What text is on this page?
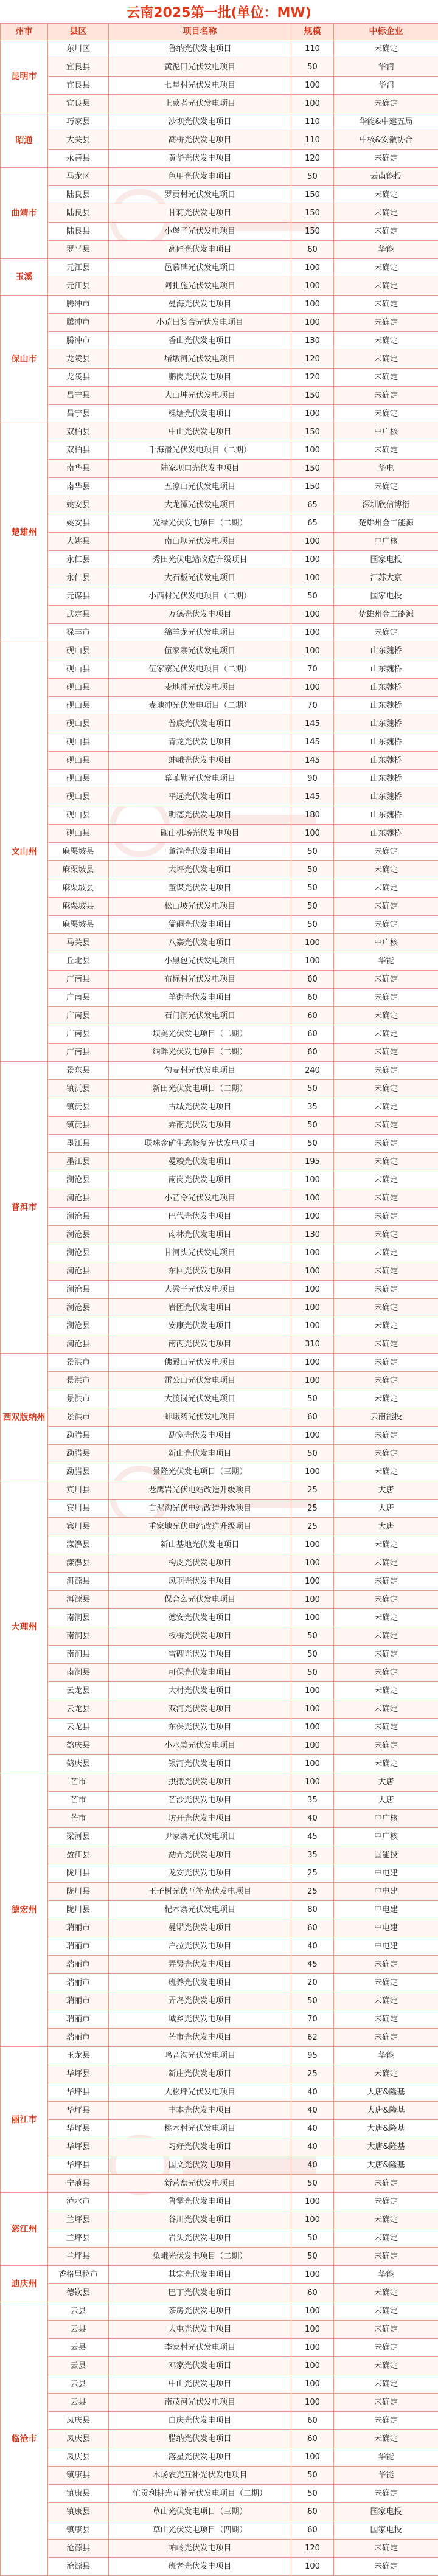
云南2025第一批(单位：MW)
州市	县区	项目名称	规模	中标企业
昆明市	东川区	鲁纳光伏发电项目	110	未确定
	宜良县	黄泥田光伏发电项目	50	华润
	宜良县	七星村光伏发电项目	100	华润
	宜良县	上蒙者光伏发电项目	100	未确定
昭通	巧家县	沙坝光伏发电项目	110	华能&中建五局
	大关县	高桥光伏发电项目	110	中核&安徽协合
	永善县	黄华光伏发电项目	120	未确定
曲靖市	马龙区	色甲光伏发电项目	50	云南能投
	陆良县	罗贡村光伏发电项目	150	未确定
	陆良县	甘莉光伏发电项目	150	未确定
	陆良县	小堡子光伏发电项目	150	未确定
	罗平县	高匠光伏发电项目	60	华能
玉溪	元江县	邑慕碑光伏发电项目	100	未确定
	元江县	阿扎施光伏发电项目	100	未确定
保山市	腾冲市	曼海光伏发电项目	100	未确定
	腾冲市	小荒田复合光伏发电项目	100	未确定
	腾冲市	香山光伏发电项目	130	未确定
	龙陵县	堵墩河光伏发电项目	120	未确定
	龙陵县	鹏岗光伏发电项目	120	未确定
	昌宁县	大山坤光伏发电项目	150	未确定
	昌宁县	棵塘光伏发电项目	100	未确定
楚雄州	双柏县	中山光伏发电项目	150	中广核
	双柏县	千海滑光伏发电项目（二期）	100	未确定
	南华县	陆家坝口光伏发电项目	150	华电
	南华县	五凉山光伏发电项目	150	未确定
	姚安县	大龙潭光伏发电项目	65	深圳欣信博衍
	姚安县	光禄光伏发电项目（二期）	65	楚雄州金工能源
	大姚县	南山坝光伏发电项目	100	中广核
	永仁县	秀田光伏电站改造升级项目	100	国家电投
	永仁县	大石板光伏发电项目	100	江苏大京
	元谋县	小西村光伏发电项目（二期）	50	国家电投
	武定县	万德光伏发电项目	100	楚雄州金工能源
	禄丰市	绵羊龙光伏发电项目	100	未确定
文山州	砚山县	伍家寨光伏发电项目	100	山东魏桥
	砚山县	伍家寨光伏发电项目（二期）	70	山东魏桥
	砚山县	麦地冲光伏发电项目	100	山东魏桥
	砚山县	麦地冲光伏发电项目（二期）	70	山东魏桥
	砚山县	普底光伏发电项目	145	山东魏桥
	砚山县	青龙光伏发电项目	145	山东魏桥
	砚山县	蚌峨光伏发电项目	145	山东魏桥
	砚山县	幕菲勒光伏发电项目	90	山东魏桥
	砚山县	平远光伏发电项目	145	山东魏桥
	砚山县	明德光伏发电项目	180	山东魏桥
	砚山县	砚山机场光伏发电项目	100	山东魏桥
	麻栗坡县	董淌光伏发电项目	50	未确定
	麻栗坡县	大坪光伏发电项目	50	未确定
	麻栗坡县	董谋光伏发电项目	50	未确定
	麻栗坡县	松山坡光伏发电项目	50	未确定
	麻栗坡县	猛硐光伏发电项目	50	未确定
	马关县	八寨光伏发电项目	100	中广核
	丘北县	小黑包光伏发电项目	100	华能
	广南县	布标村光伏发电项目	60	未确定
	广南县	羊街光伏发电项目	60	未确定
	广南县	石门洞光伏发电项目	60	未确定
	广南县	坝美光伏发电项目（二期）	60	未确定
	广南县	纳畔光伏发电项目（二期）	60	未确定
普洱市	景东县	勺麦村光伏发电项目	240	未确定
	镇沅县	新田光伏发电项目（二期）	50	未确定
	镇沅县	古城光伏发电项目	35	未确定
	镇沅县	弄南光伏发电项目	50	未确定
	墨江县	联珠金矿生态修复光伏发电项目	50	未确定
	墨江县	曼竣光伏发电项目	195	未确定
	澜沧县	南岗光伏发电项目	100	未确定
	澜沧县	小芒令光伏发电项目	100	未确定
	澜沧县	巴代光伏发电项目	100	未确定
	澜沧县	南林光伏发电项目	130	未确定
	澜沧县	甘河头光伏发电项目	100	未确定
	澜沧县	东回光伏发电项目	100	未确定
	澜沧县	大梁子光伏发电项目	100	未确定
	澜沧县	岩团光伏发电项目	100	未确定
	澜沧县	安康光伏发电项目	100	未确定
	澜沧县	南丙光伏发电项目	310	未确定
西双版纳州	景洪市	佛殿山光伏发电项目	100	未确定
	景洪市	雷公山光伏发电项目	100	未确定
	景洪市	大渡岗光伏发电项目	50	未确定
	景洪市	蚌峨药光伏发电项目	60	云南能投
	勐腊县	勐宽光伏发电项目	100	未确定
	勐腊县	新山光伏发电项目	50	未确定
	勐腊县	景隆光伏发电项目（三期）	100	未确定
大理州	宾川县	老鹰岩光伏电站改造升级项目	25	大唐
	宾川县	白泥沟光伏电站改造升级项目	25	大唐
	宾川县	重家地光伏电站改造升级项目	25	大唐
	漾濞县	新山基地光伏发电项目	100	未确定
	漾濞县	构皮光伏发电项目	100	未确定
	洱源县	凤羽光伏发电项目	100	未确定
	洱源县	保舍么光伏发电项目	100	未确定
	南涧县	德安光伏发电项目	100	未确定
	南涧县	板桥光伏发电项目	50	未确定
	南涧县	雪碑光伏发电项目	50	未确定
	南涧县	可保光伏发电项目	50	未确定
	云龙县	大村光伏发电项目	100	未确定
	云龙县	双河光伏发电项目	100	未确定
	云龙县	东保光伏发电项目	100	未确定
	鹤庆县	小水美光伏发电项目	100	未确定
	鹤庆县	银河光伏发电项目	100	未确定
德宏州	芒市	拱撒光伏发电项目	100	大唐
	芒市	芒沙光伏发电项目	35	大唐
	芒市	坊开光伏发电项目	40	中广核
	梁河县	尹家寨光伏发电项目	45	中广核
	盈江县	勐弄光伏发电项目	35	国能投
	陇川县	龙安光伏发电项目	25	中电建
	陇川县	王子树光伏互补光伏发电项目	25	中电建
	陇川县	杞木寨光伏发电项目	80	中电建
	瑞丽市	曼诺光伏发电项目	60	中电建
	瑞丽市	户拉光伏发电项目	40	中电建
	瑞丽市	弄贤光伏发电项目	45	未确定
	瑞丽市	班养光伏发电项目	20	未确定
	瑞丽市	弄岛光伏发电项目	50	未确定
	瑞丽市	城乡光伏发电项目	70	未确定
	瑞丽市	芒市光伏发电项目	62	未确定
丽江市	玉龙县	鸣音沟光伏发电项目	95	华能
	华坪县	新庄光伏发电项目	25	未确定
	华坪县	大松坪光伏发电项目	40	大唐&隆基
	华坪县	丰本光伏发电项目	40	大唐&隆基
	华坪县	桃木村光伏发电项目	40	大唐&隆基
	华坪县	习好光伏发电项目	40	大唐&隆基
	华坪县	国文光伏发电项目	40	大唐&隆基
	宁蒗县	新营盘光伏发电项目	50	未确定
怒江州	泸水市	鲁掌光伏发电项目	100	未确定
	兰坪县	谷川光伏发电项目	100	未确定
	兰坪县	岩头光伏发电项目	50	未确定
	兰坪县	兔峨光伏发电项目（二期）	50	未确定
迪庆州	香格里拉市	其宗光伏发电项目	100	华能
	德钦县	巴丁光伏发电项目	60	未确定
临沧市	云县	茶房光伏发电项目	100	未确定
	云县	大屯光伏发电项目	100	未确定
	云县	李家村光伏发电项目	100	未确定
	云县	邓家光伏发电项目	100	未确定
	云县	中山光伏发电项目	100	未确定
	云县	南茂河光伏发电项目	100	未确定
	凤庆县	白庆光伏发电项目	60	未确定
	凤庆县	腊纳光伏发电项目	60	未确定
	凤庆县	落星光伏发电项目	100	华能
	镇康县	木场农光互补光伏发电项目	50	华能
	镇康县	忙贡利耕光互补光伏发电项目（二期）	50	未确定
	镇康县	草山光伏发电项目（三期）	60	国家电投
	镇康县	草山光伏发电项目（四期）	60	国家电投
	沧源县	帕岭光伏发电项目	120	未确定
	沧源县	班老光伏发电项目	100	未确定
